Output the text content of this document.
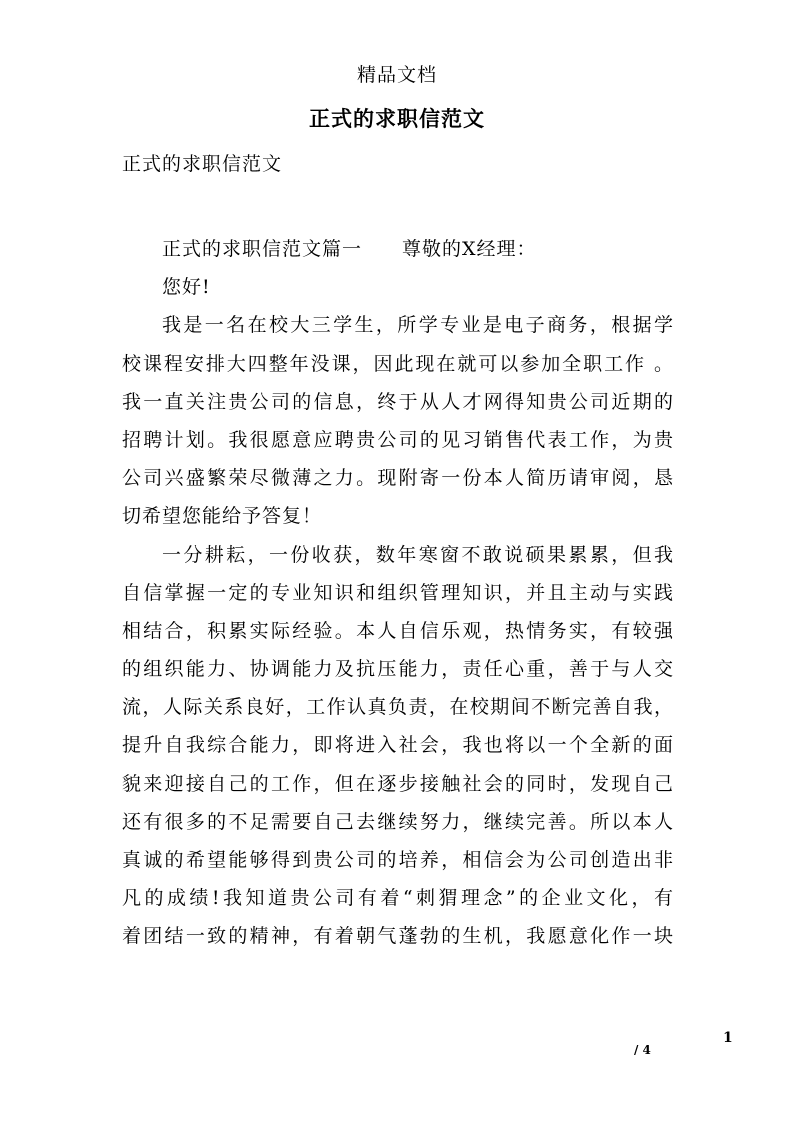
精品文档
正式的求职信范文
正式的求职信范文
正式的求职信范文篇一 尊敬的X经理：
您好!
我是一名在校大三学生，所学专业是电子商务，根据学
校课程安排大四整年没课，因此现在就可以参加全职工作 。
我一直关注贵公司的信息，终于从人才网得知贵公司近期的
招聘计划。我很愿意应聘贵公司的见习销售代表工作，为贵
公司兴盛繁荣尽微薄之力。现附寄一份本人简历请审阅，恳
切希望您能给予答复！
一分耕耘，一份收获，数年寒窗不敢说硕果累累，但我
自信掌握一定的专业知识和组织管理知识，并且主动与实践
相结合，积累实际经验。本人自信乐观，热情务实，有较强
的组织能力、协调能力及抗压能力，责任心重，善于与人交
流，人际关系良好，工作认真负责，在校期间不断完善自我，
提升自我综合能力，即将进入社会，我也将以一个全新的面
貌来迎接自己的工作，但在逐步接触社会的同时，发现自己
还有很多的不足需要自己去继续努力，继续完善。所以本人
真诚的希望能够得到贵公司的培养，相信会为公司创造出非
凡的成绩!我知道贵公司有着“刺猬理念”的企业文化，有
着团结一致的精神，有着朝气蓬勃的生机，我愿意化作一块
1
/ 4
